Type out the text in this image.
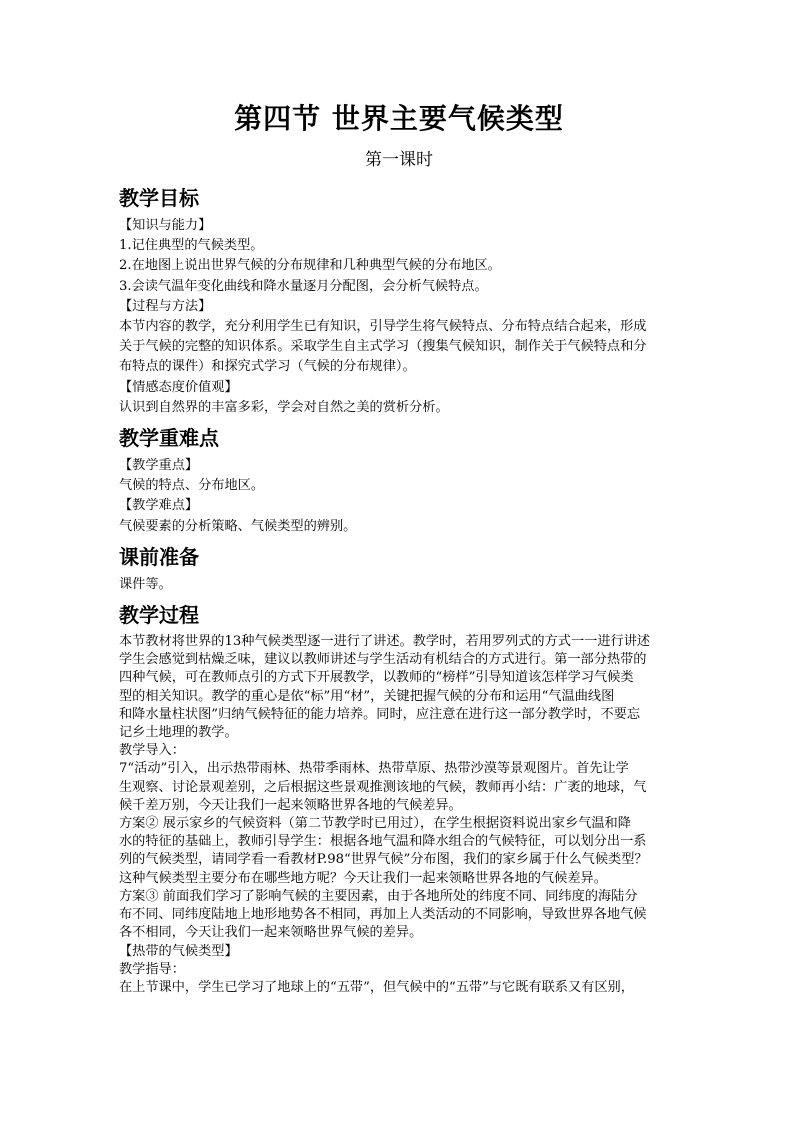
第四节 世界主要气候类型
第一课时
教学目标

【知识与能力】

1.记住典型的气候类型。

2.在地图上说出世界气候的分布规律和几种典型气候的分布地区。

3.会读气温年变化曲线和降水量逐月分配图，会分析气候特点。

【过程与方法】

本节内容的教学，充分利用学生已有知识，引导学生将气候特点、分布特点结合起来，形成

关于气候的完整的知识体系。采取学生自主式学习（搜集气候知识，制作关于气候特点和分

布特点的课件）和探究式学习（气候的分布规律）。

【情感态度价值观】

认识到自然界的丰富多彩，学会对自然之美的赏析分析。

教学重难点

【教学重点】

气候的特点、分布地区。

【教学难点】

气候要素的分析策略、气候类型的辨别。

课前准备

课件等。

教学过程

本节教材将世界的13种气候类型逐一进行了讲述。教学时，若用罗列式的方式一一进行讲述

学生会感觉到枯燥乏味，建议以教师讲述与学生活动有机结合的方式进行。第一部分热带的

四种气候，可在教师点引的方式下开展教学，以教师的“榜样”引导知道该怎样学习气候类

型的相关知识。教学的重心是依“标”用“材”，关键把握气候的分布和运用“气温曲线图

和降水量柱状图”归纳气候特征的能力培养。同时，应注意在进行这一部分教学时，不要忘

记乡土地理的教学。

教学导入：

7“活动”引入，出示热带雨林、热带季雨林、热带草原、热带沙漠等景观图片。首先让学

生观察、讨论景观差别，之后根据这些景观推测该地的气候，教师再小结：广袤的地球，气

候千差万别，今天让我们一起来领略世界各地的气候差异。

方案② 展示家乡的气候资料（第二节教学时已用过），在学生根据资料说出家乡气温和降

水的特征的基础上，教师引导学生：根据各地气温和降水组合的气候特征，可以划分出一系

列的气候类型，请同学看一看教材P.98“世界气候”分布图，我们的家乡属于什么气候类型？

这种气候类型主要分布在哪些地方呢？今天让我们一起来领略世界各地的气候差异。

方案③ 前面我们学习了影响气候的主要因素，由于各地所处的纬度不同、同纬度的海陆分

布不同、同纬度陆地上地形地势各不相同，再加上人类活动的不同影响，导致世界各地气候

各不相同，今天让我们一起来领略世界气候的差异。

【热带的气候类型】

教学指导：

在上节课中，学生已学习了地球上的“五带”，但气候中的“五带”与它既有联系又有区别，
